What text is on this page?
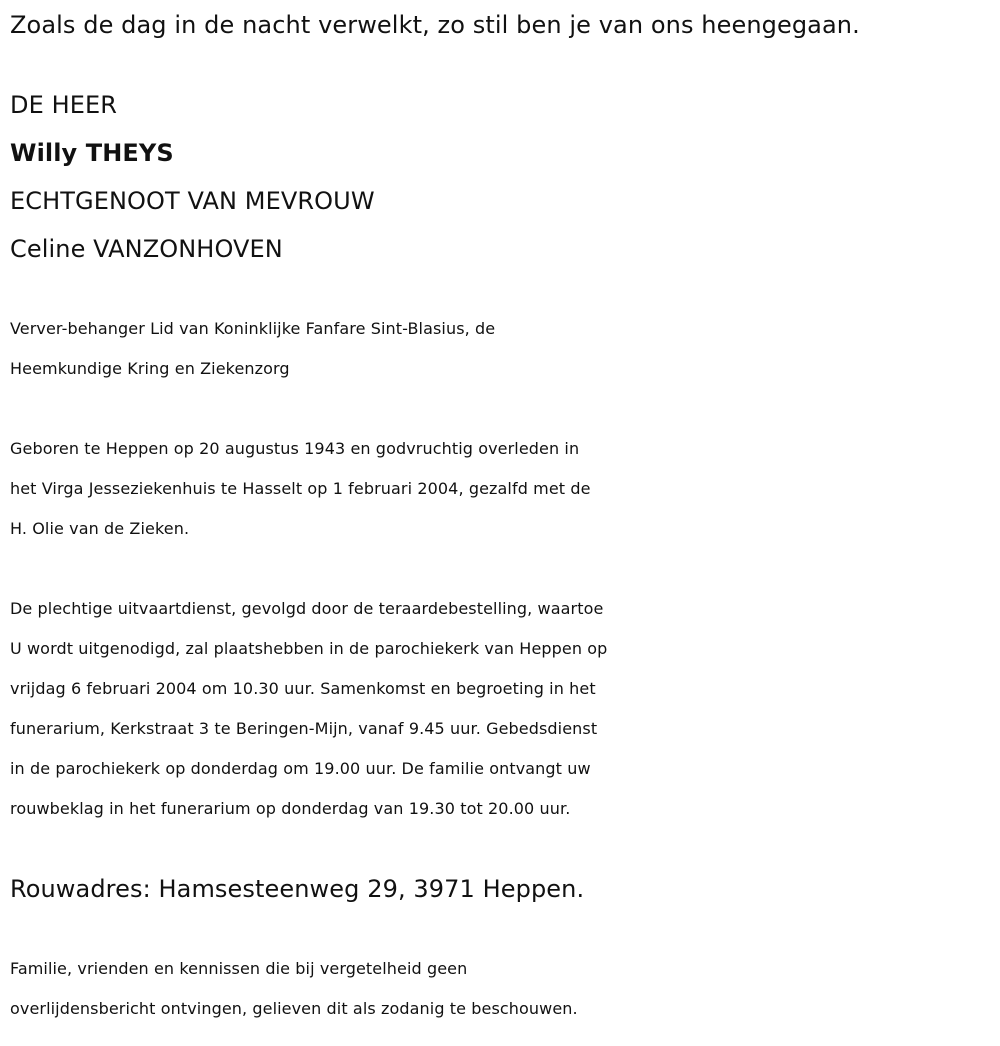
Zoals de dag in de nacht verwelkt, zo stil ben je van ons heengegaan.
DE HEER
Willy THEYS
ECHTGENOOT VAN MEVROUW
Celine VANZONHOVEN
Verver-behanger Lid van Koninklijke Fanfare Sint-Blasius, de
Heemkundige Kring en Ziekenzorg
Geboren te Heppen op 20 augustus 1943 en godvruchtig overleden in
het Virga Jesseziekenhuis te Hasselt op 1 februari 2004, gezalfd met de
H. Olie van de Zieken.
De plechtige uitvaartdienst, gevolgd door de teraardebestelling, waartoe
U wordt uitgenodigd, zal plaatshebben in de parochiekerk van Heppen op
vrijdag 6 februari 2004 om 10.30 uur. Samenkomst en begroeting in het
funerarium, Kerkstraat 3 te Beringen-Mijn, vanaf 9.45 uur. Gebedsdienst
in de parochiekerk op donderdag om 19.00 uur. De familie ontvangt uw
rouwbeklag in het funerarium op donderdag van 19.30 tot 20.00 uur.
Rouwadres: Hamsesteenweg 29, 3971 Heppen.
Familie, vrienden en kennissen die bij vergetelheid geen
overlijdensbericht ontvingen, gelieven dit als zodanig te beschouwen.
